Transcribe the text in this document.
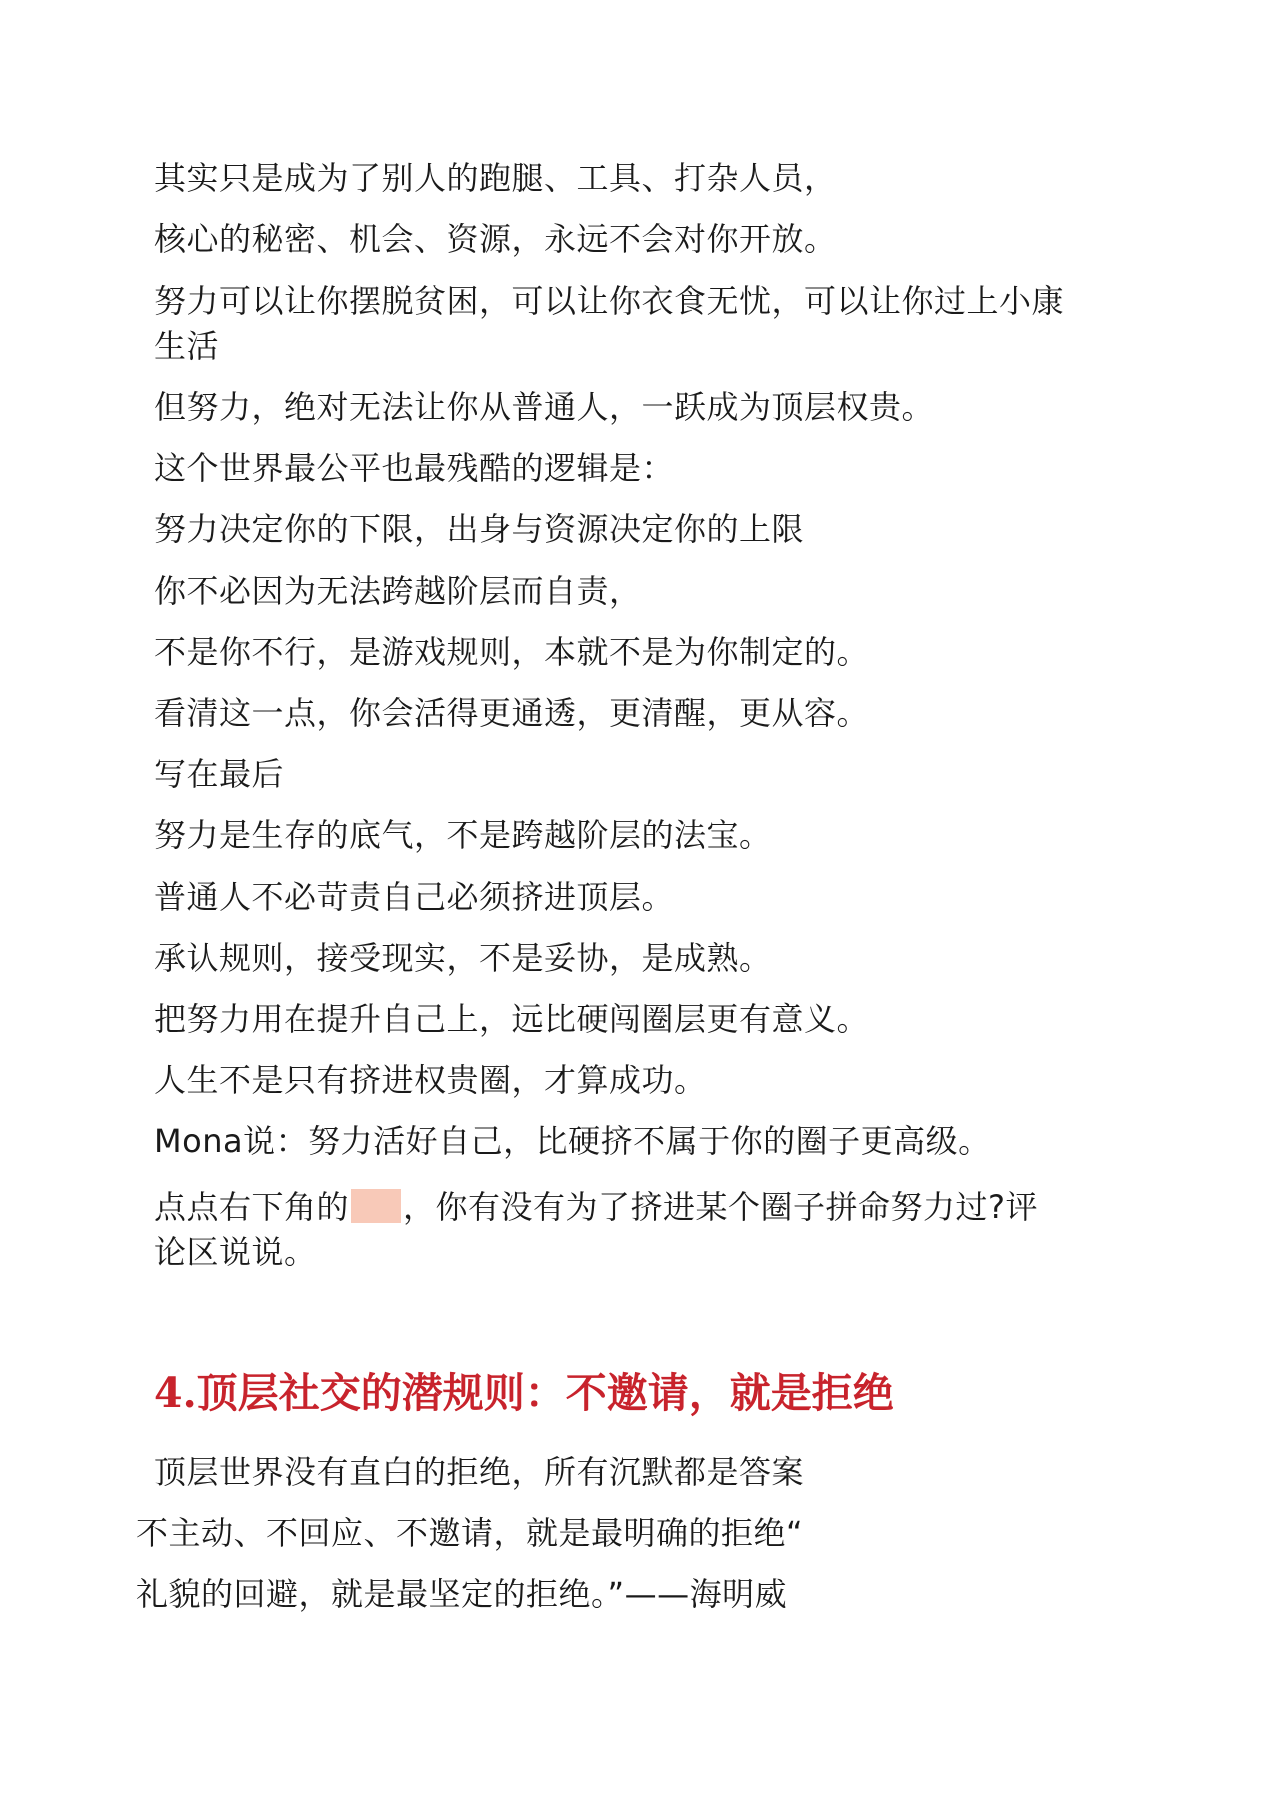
其实只是成为了别人的跑腿、工具、打杂人员，
核心的秘密、机会、资源，永远不会对你开放。
努力可以让你摆脱贫困，可以让你衣食无忧，可以让你过上小康
生活
但努力，绝对无法让你从普通人，一跃成为顶层权贵。
这个世界最公平也最残酷的逻辑是：
努力决定你的下限，出身与资源决定你的上限
你不必因为无法跨越阶层而自责，
不是你不行，是游戏规则，本就不是为你制定的。
看清这一点，你会活得更通透，更清醒，更从容。
写在最后
努力是生存的底气，不是跨越阶层的法宝。
普通人不必苛责自己必须挤进顶层。
承认规则，接受现实，不是妥协，是成熟。
把努力用在提升自己上，远比硬闯圈层更有意义。
人生不是只有挤进权贵圈，才算成功。
Mona说：努力活好自己，比硬挤不属于你的圈子更高级。
点点右下角的 ，你有没有为了挤进某个圈子拼命努力过?评
论区说说。
4.顶层社交的潜规则：不邀请，就是拒绝
顶层世界没有直白的拒绝，所有沉默都是答案
不主动、不回应、不邀请，就是最明确的拒绝“
礼貌的回避，就是最坚定的拒绝。”——海明威
